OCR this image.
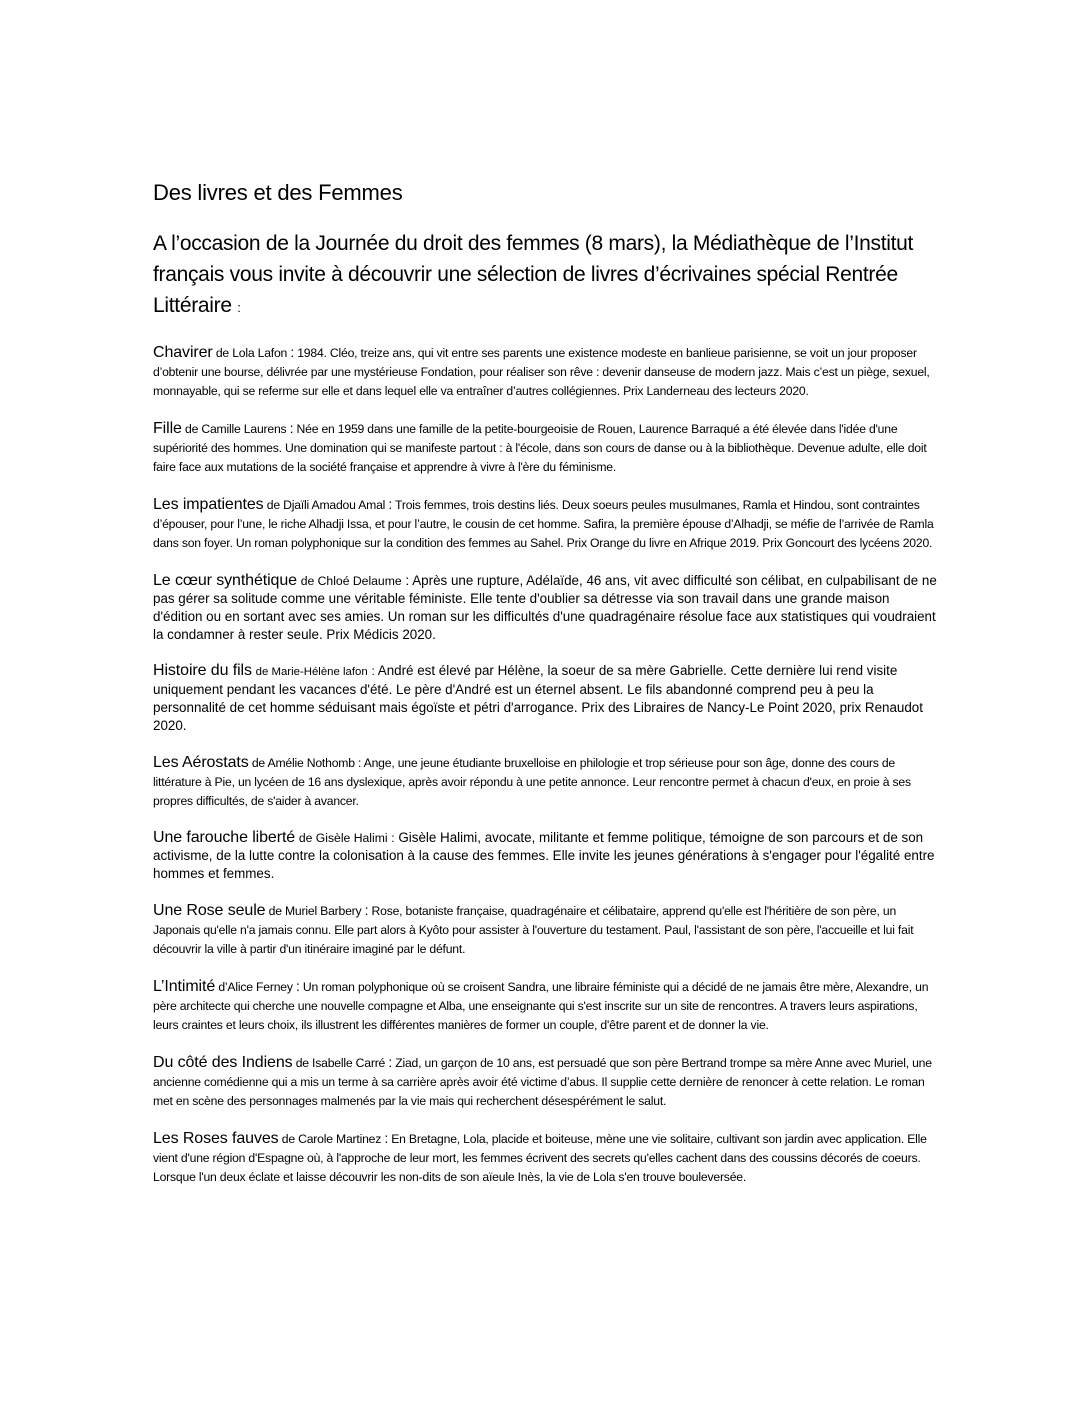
Des livres et des Femmes

A l’occasion de la Journée du droit des femmes (8 mars), la Médiathèque de l’Institut français vous invite à découvrir une sélection de livres d’écrivaines spécial Rentrée Littéraire :

Chavirer de Lola Lafon : 1984. Cléo, treize ans, qui vit entre ses parents une existence modeste en banlieue parisienne, se voit un jour proposer d’obtenir une bourse, délivrée par une mystérieuse Fondation, pour réaliser son rêve : devenir danseuse de modern jazz. Mais c’est un piège, sexuel, monnayable, qui se referme sur elle et dans lequel elle va entraîner d’autres collégiennes. Prix Landerneau des lecteurs 2020.

Fille de Camille Laurens : Née en 1959 dans une famille de la petite-bourgeoisie de Rouen, Laurence Barraqué a été élevée dans l'idée d'une supériorité des hommes. Une domination qui se manifeste partout : à l'école, dans son cours de danse ou à la bibliothèque. Devenue adulte, elle doit faire face aux mutations de la société française et apprendre à vivre à l'ère du féminisme.

Les impatientes de Djaïli Amadou Amal : Trois femmes, trois destins liés. Deux soeurs peules musulmanes, Ramla et Hindou, sont contraintes d’épouser, pour l’une, le riche Alhadji Issa, et pour l’autre, le cousin de cet homme. Safira, la première épouse d’Alhadji, se méfie de l’arrivée de Ramla dans son foyer. Un roman polyphonique sur la condition des femmes au Sahel. Prix Orange du livre en Afrique 2019. Prix Goncourt des lycéens 2020.

Le cœur synthétique de Chloé Delaume : Après une rupture, Adélaïde, 46 ans, vit avec difficulté son célibat, en culpabilisant de ne pas gérer sa solitude comme une véritable féministe. Elle tente d'oublier sa détresse via son travail dans une grande maison d'édition ou en sortant avec ses amies. Un roman sur les difficultés d'une quadragénaire résolue face aux statistiques qui voudraient la condamner à rester seule. Prix Médicis 2020.

Histoire du fils de Marie-Hélène lafon : André est élevé par Hélène, la soeur de sa mère Gabrielle. Cette dernière lui rend visite uniquement pendant les vacances d'été. Le père d'André est un éternel absent. Le fils abandonné comprend peu à peu la personnalité de cet homme séduisant mais égoïste et pétri d'arrogance. Prix des Libraires de Nancy-Le Point 2020, prix Renaudot 2020.

Les Aérostats de Amélie Nothomb : Ange, une jeune étudiante bruxelloise en philologie et trop sérieuse pour son âge, donne des cours de littérature à Pie, un lycéen de 16 ans dyslexique, après avoir répondu à une petite annonce. Leur rencontre permet à chacun d'eux, en proie à ses propres difficultés, de s'aider à avancer.

Une farouche liberté de Gisèle Halimi : Gisèle Halimi, avocate, militante et femme politique, témoigne de son parcours et de son activisme, de la lutte contre la colonisation à la cause des femmes. Elle invite les jeunes générations à s'engager pour l'égalité entre hommes et femmes.

Une Rose seule de Muriel Barbery : Rose, botaniste française, quadragénaire et célibataire, apprend qu'elle est l'héritière de son père, un Japonais qu'elle n'a jamais connu. Elle part alors à Kyôto pour assister à l'ouverture du testament. Paul, l'assistant de son père, l'accueille et lui fait découvrir la ville à partir d'un itinéraire imaginé par le défunt.

L’Intimité d’Alice Ferney : Un roman polyphonique où se croisent Sandra, une libraire féministe qui a décidé de ne jamais être mère, Alexandre, un père architecte qui cherche une nouvelle compagne et Alba, une enseignante qui s'est inscrite sur un site de rencontres. A travers leurs aspirations, leurs craintes et leurs choix, ils illustrent les différentes manières de former un couple, d'être parent et de donner la vie.

Du côté des Indiens de Isabelle Carré : Ziad, un garçon de 10 ans, est persuadé que son père Bertrand trompe sa mère Anne avec Muriel, une ancienne comédienne qui a mis un terme à sa carrière après avoir été victime d’abus. Il supplie cette dernière de renoncer à cette relation. Le roman met en scène des personnages malmenés par la vie mais qui recherchent désespérément le salut.

Les Roses fauves de Carole Martinez : En Bretagne, Lola, placide et boiteuse, mène une vie solitaire, cultivant son jardin avec application. Elle vient d'une région d'Espagne où, à l'approche de leur mort, les femmes écrivent des secrets qu'elles cachent dans des coussins décorés de coeurs. Lorsque l'un deux éclate et laisse découvrir les non-dits de son aïeule Inès, la vie de Lola s'en trouve bouleversée.
